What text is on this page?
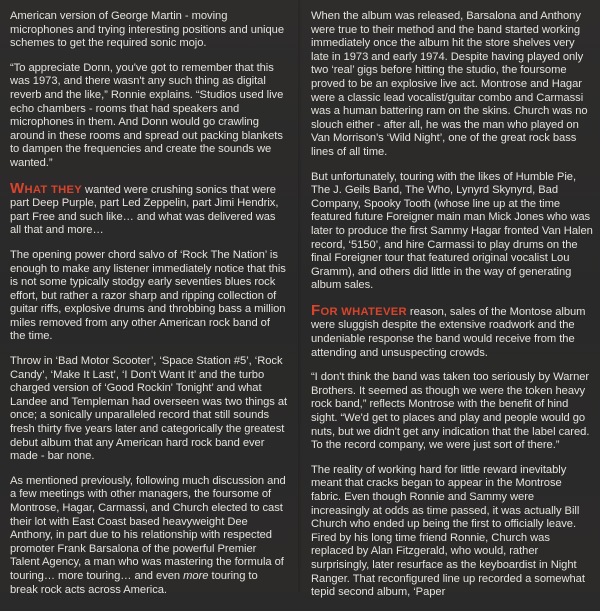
American version of George Martin - moving microphones and trying interesting positions and unique schemes to get the required sonic mojo.

“To appreciate Donn, you've got to remember that this was 1973, and there wasn't any such thing as digital reverb and the like,” Ronnie explains. “Studios used live echo chambers - rooms that had speakers and microphones in them. And Donn would go crawling around in these rooms and spread out packing blankets to dampen the frequencies and create the sounds we wanted.”

WHAT THEY wanted were crushing sonics that were part Deep Purple, part Led Zeppelin, part Jimi Hendrix, part Free and such like… and what was delivered was all that and more…

The opening power chord salvo of ‘Rock The Nation’ is enough to make any listener immediately notice that this is not some typically stodgy early seventies blues rock effort, but rather a razor sharp and ripping collection of guitar riffs, explosive drums and throbbing bass a million miles removed from any other American rock band of the time.

Throw in ‘Bad Motor Scooter’, ‘Space Station #5’, ‘Rock Candy’, ‘Make It Last’, ‘I Don't Want It’ and the turbo charged version of ‘Good Rockin' Tonight’ and what Landee and Templeman had overseen was two things at once; a sonically unparalleled record that still sounds fresh thirty five years later and categorically the greatest debut album that any American hard rock band ever made - bar none.

As mentioned previously, following much discussion and a few meetings with other managers, the foursome of Montrose, Hagar, Carmassi, and Church elected to cast their lot with East Coast based heavyweight Dee Anthony, in part due to his relationship with respected promoter Frank Barsalona of the powerful Premier Talent Agency, a man who was mastering the formula of touring… more touring… and even more touring to break rock acts across America.

When the album was released, Barsalona and Anthony were true to their method and the band started working immediately once the album hit the store shelves very late in 1973 and early 1974. Despite having played only two ‘real’ gigs before hitting the studio, the foursome proved to be an explosive live act. Montrose and Hagar were a classic lead vocalist/guitar combo and Carmassi was a human battering ram on the skins. Church was no slouch either - after all, he was the man who played on Van Morrison's ‘Wild Night’, one of the great rock bass lines of all time.

But unfortunately, touring with the likes of Humble Pie, The J. Geils Band, The Who, Lynyrd Skynyrd, Bad Company, Spooky Tooth (whose line up at the time featured future Foreigner main man Mick Jones who was later to produce the first Sammy Hagar fronted Van Halen record, ‘5150’, and hire Carmassi to play drums on the final Foreigner tour that featured original vocalist Lou Gramm), and others did little in the way of generating album sales.

FOR WHATEVER reason, sales of the Montose album were sluggish despite the extensive roadwork and the undeniable response the band would receive from the attending and unsuspecting crowds.

“I don't think the band was taken too seriously by Warner Brothers. It seemed as though we were the token heavy rock band,” reflects Montrose with the benefit of hind sight. “We'd get to places and play and people would go nuts, but we didn't get any indication that the label cared. To the record company, we were just sort of there.”

The reality of working hard for little reward inevitably meant that cracks began to appear in the Montrose fabric. Even though Ronnie and Sammy were increasingly at odds as time passed, it was actually Bill Church who ended up being the first to officially leave. Fired by his long time friend Ronnie, Church was replaced by Alan Fitzgerald, who would, rather surprisingly, later resurface as the keyboardist in Night Ranger. That reconfigured line up recorded a somewhat tepid second album, ‘Paper
